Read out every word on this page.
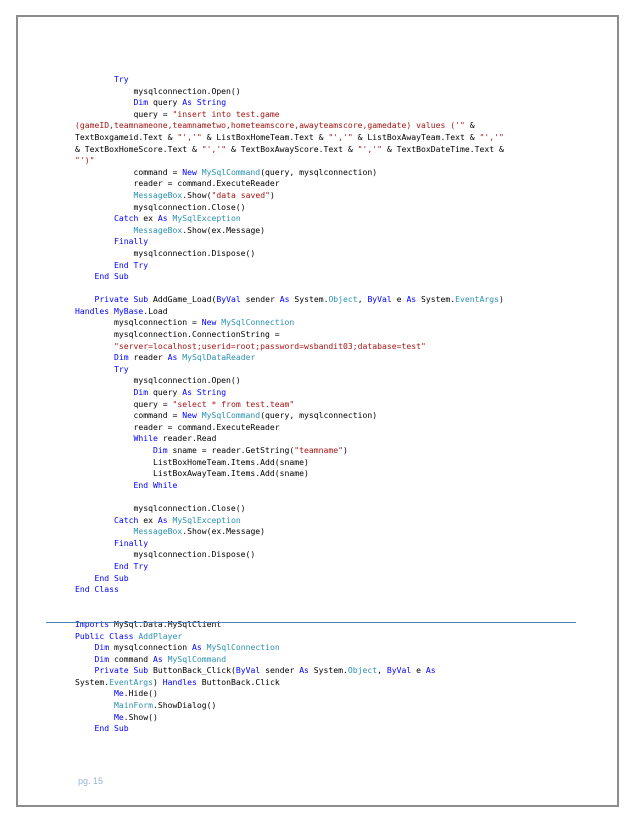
Try
mysqlconnection.Open()
Dim query As String
query = "insert into test.game
(gameID,teamnameone,teamnametwo,hometeamscore,awayteamscore,gamedate) values ('" &
TextBoxgameid.Text & "','" & ListBoxHomeTeam.Text & "','" & ListBoxAwayTeam.Text & "','"
& TextBoxHomeScore.Text & "','" & TextBoxAwayScore.Text & "','" & TextBoxDateTime.Text &
"')"
command = New MySqlCommand(query, mysqlconnection)
reader = command.ExecuteReader
MessageBox.Show("data saved")
mysqlconnection.Close()
Catch ex As MySqlException
MessageBox.Show(ex.Message)
Finally
mysqlconnection.Dispose()
End Try
End Sub
Private Sub AddGame_Load(ByVal sender As System.Object, ByVal e As System.EventArgs)
Handles MyBase.Load
mysqlconnection = New MySqlConnection
mysqlconnection.ConnectionString =
"server=localhost;userid=root;password=wsbandit03;database=test"
Dim reader As MySqlDataReader
Try
mysqlconnection.Open()
Dim query As String
query = "select * from test.team"
command = New MySqlCommand(query, mysqlconnection)
reader = command.ExecuteReader
While reader.Read
Dim sname = reader.GetString("teamname")
ListBoxHomeTeam.Items.Add(sname)
ListBoxAwayTeam.Items.Add(sname)
End While
mysqlconnection.Close()
Catch ex As MySqlException
MessageBox.Show(ex.Message)
Finally
mysqlconnection.Dispose()
End Try
End Sub
End Class
Imports MySql.Data.MySqlClient
Public Class AddPlayer
Dim mysqlconnection As MySqlConnection
Dim command As MySqlCommand
Private Sub ButtonBack_Click(ByVal sender As System.Object, ByVal e As
System.EventArgs) Handles ButtonBack.Click
Me.Hide()
MainForm.ShowDialog()
Me.Show()
End Sub
pg. 15
